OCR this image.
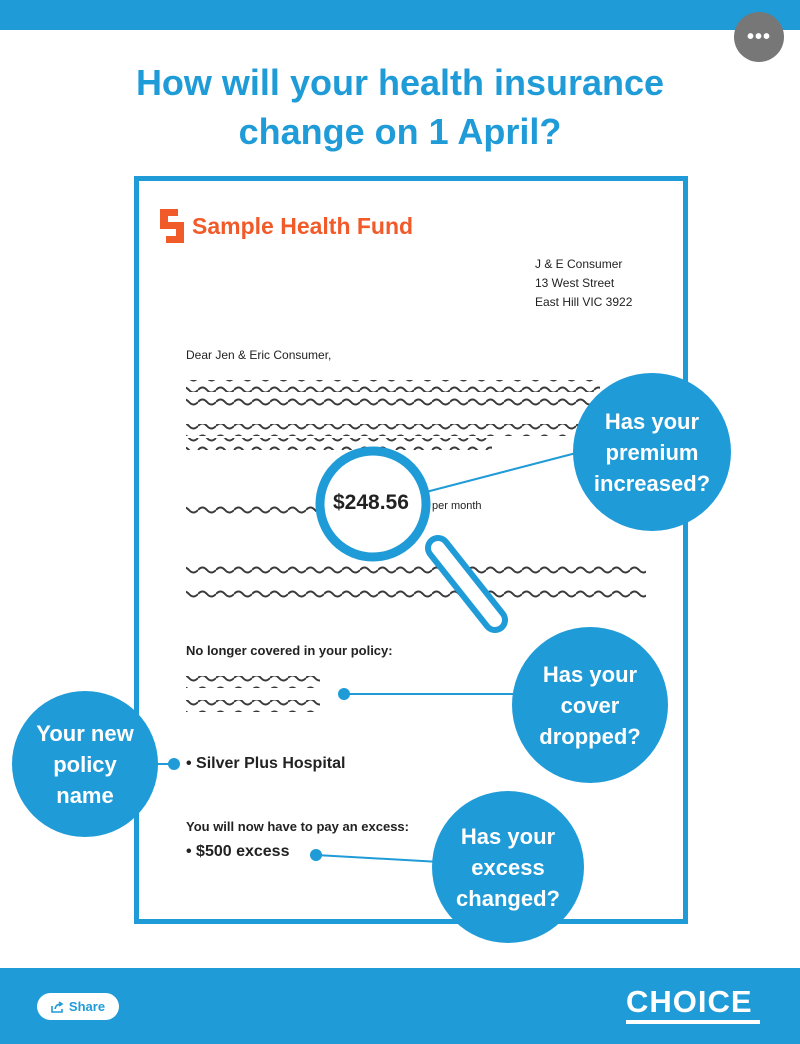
•••
How will your health insurance
change on 1 April?
Sample Health Fund
J & E Consumer
13 West Street
East Hill VIC 3922
Dear Jen & Eric Consumer,
$248.56 per month
No longer covered in your policy:
• Silver Plus Hospital
You will now have to pay an excess:
• $500 excess
Has your
premium
increased?
Has your
cover
dropped?
Your new
policy
name
Has your
excess
changed?
Share	CHOICE
